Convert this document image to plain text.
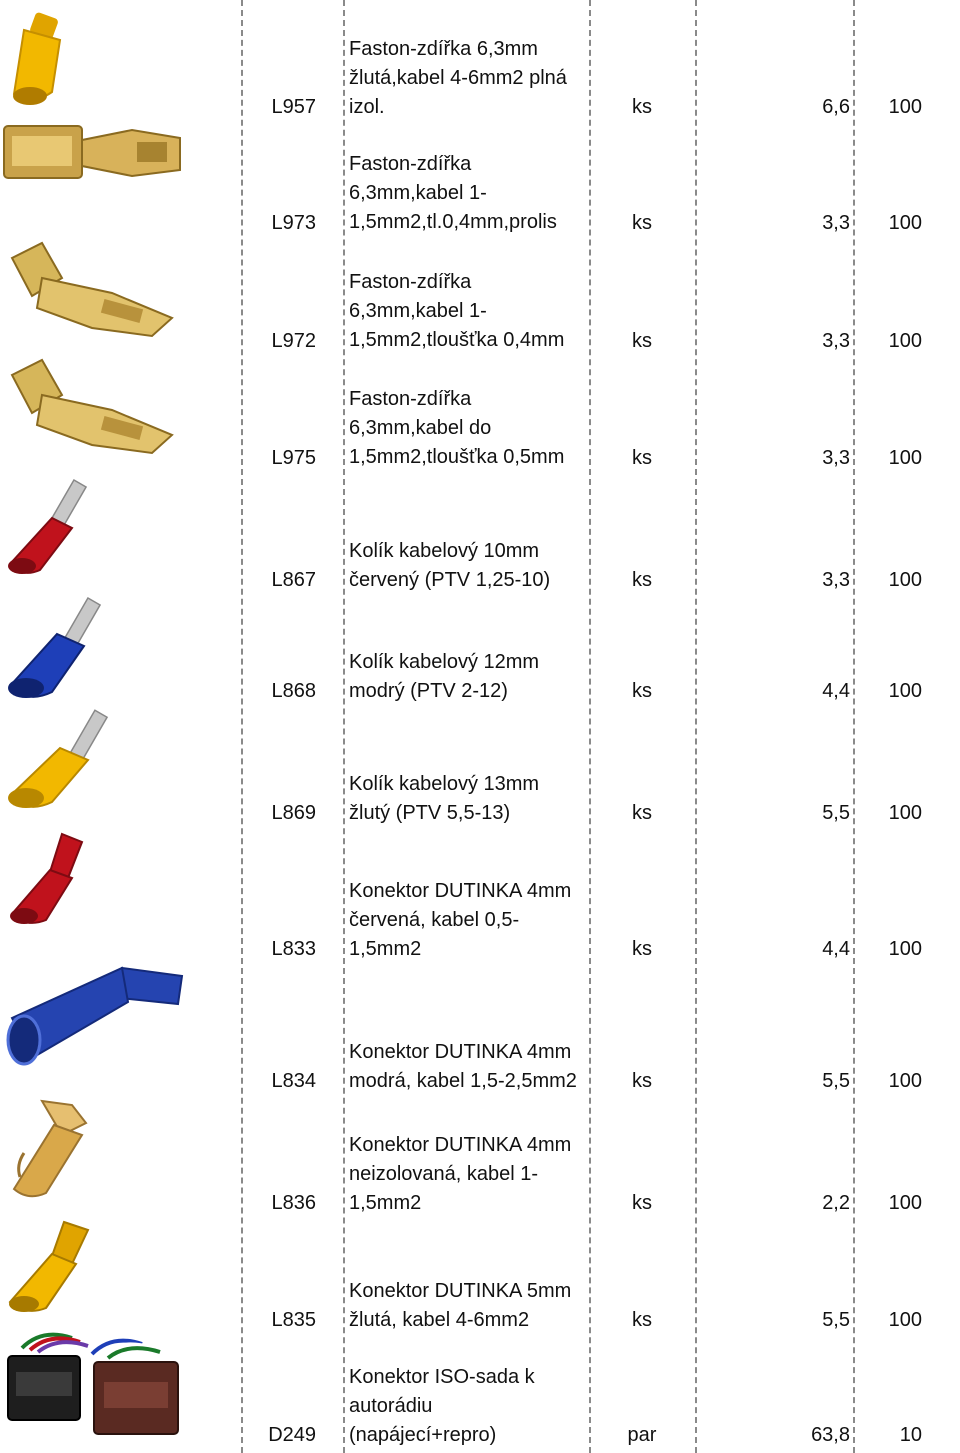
L957
Faston-zdířka 6,3mm
žlutá,kabel 4-6mm2 plná
izol.	ks	6,6	100
L973
Faston-zdířka
6,3mm,kabel 1-
1,5mm2,tl.0,4mm,prolis	ks	3,3	100
L972
Faston-zdířka
6,3mm,kabel 1-
1,5mm2,tloušťka 0,4mm	ks	3,3	100
L975
Faston-zdířka
6,3mm,kabel do
1,5mm2,tloušťka 0,5mm	ks	3,3	100
L867
Kolík kabelový 10mm
červený (PTV 1,25-10)	ks	3,3	100
L868
Kolík kabelový 12mm
modrý (PTV 2-12)	ks	4,4	100
L869
Kolík kabelový 13mm
žlutý (PTV 5,5-13)	ks	5,5	100
L833
Konektor DUTINKA 4mm
červená, kabel 0,5-
1,5mm2	ks	4,4	100
L834
Konektor DUTINKA 4mm
modrá, kabel 1,5-2,5mm2	ks	5,5	100
L836
Konektor DUTINKA 4mm
neizolovaná, kabel 1-
1,5mm2	ks	2,2	100
L835
Konektor DUTINKA 5mm
žlutá, kabel 4-6mm2	ks	5,5	100
D249
Konektor ISO-sada k
autorádiu
(napájecí+repro)	par	63,8	10
